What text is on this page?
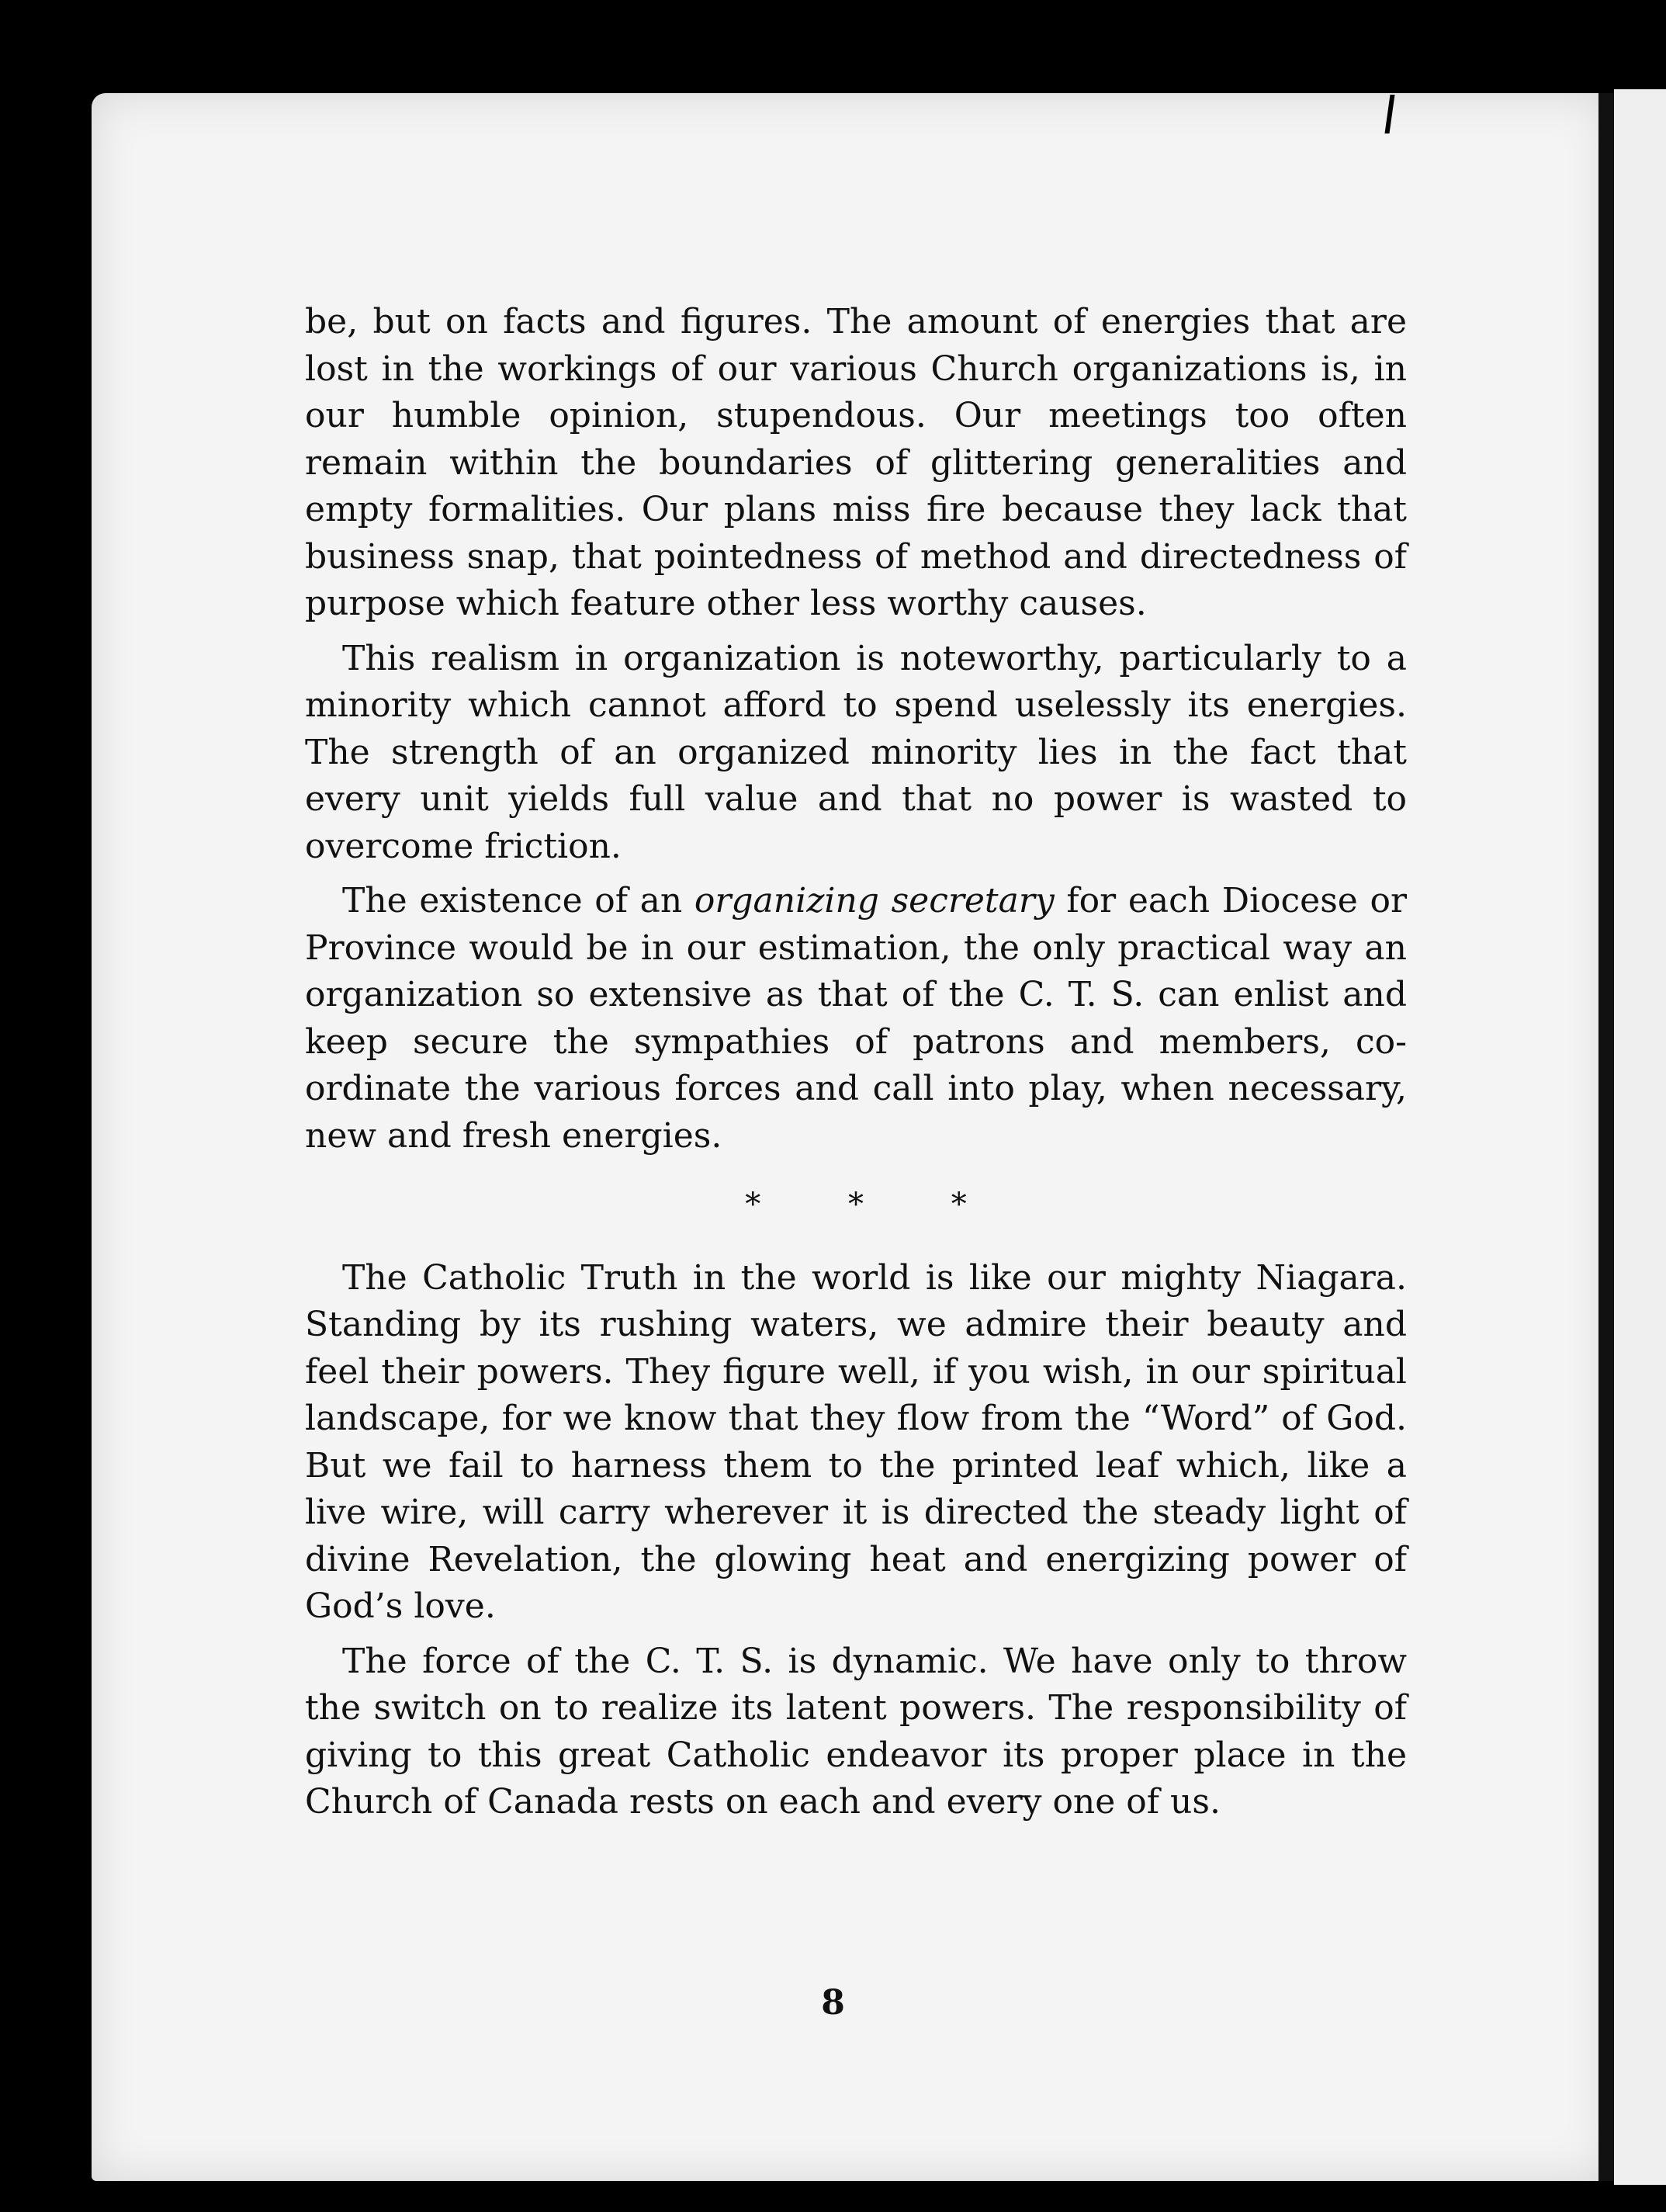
be, but on facts and figures. The amount of energies that are lost in the workings of our various Church organizations is, in our humble opinion, stupendous. Our meetings too often remain within the boundaries of glittering generalities and empty formalities. Our plans miss fire because they lack that business snap, that pointedness of method and directedness of purpose which feature other less worthy causes.

This realism in organization is noteworthy, particularly to a minority which cannot afford to spend uselessly its energies. The strength of an organized minority lies in the fact that every unit yields full value and that no power is wasted to overcome friction.

The existence of an organizing secretary for each Diocese or Province would be in our estimation, the only practical way an organization so extensive as that of the C. T. S. can enlist and keep secure the sympathies of patrons and members, co-ordinate the various forces and call into play, when necessary, new and fresh energies.

* * *

The Catholic Truth in the world is like our mighty Niagara. Standing by its rushing waters, we admire their beauty and feel their powers. They figure well, if you wish, in our spiritual landscape, for we know that they flow from the “Word” of God. But we fail to harness them to the printed leaf which, like a live wire, will carry wherever it is directed the steady light of divine Revelation, the glowing heat and energizing power of God’s love.

The force of the C. T. S. is dynamic. We have only to throw the switch on to realize its latent powers. The responsibility of giving to this great Catholic endeavor its proper place in the Church of Canada rests on each and every one of us.

8
